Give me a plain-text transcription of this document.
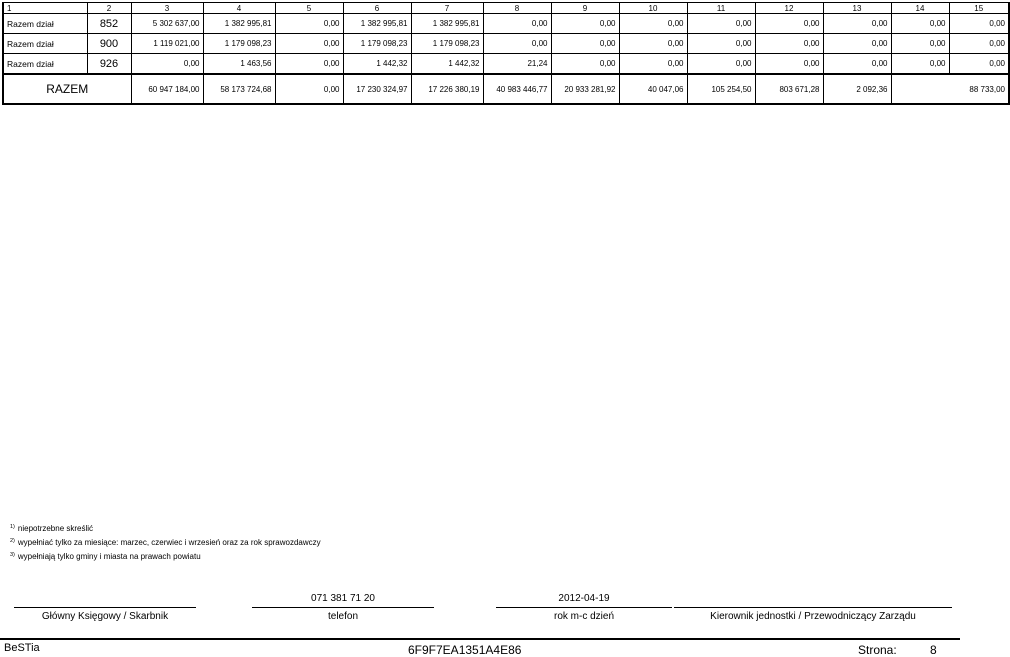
1	2	3	4	5	6	7	8	9	10	11	12	13	14	15
Razem dział	852	5 302 637,00	1 382 995,81	0,00	1 382 995,81	1 382 995,81	0,00	0,00	0,00	0,00	0,00	0,00	0,00	0,00
Razem dział	900	1 119 021,00	1 179 098,23	0,00	1 179 098,23	1 179 098,23	0,00	0,00	0,00	0,00	0,00	0,00	0,00	0,00
Razem dział	926	0,00	1 463,56	0,00	1 442,32	1 442,32	21,24	0,00	0,00	0,00	0,00	0,00	0,00	0,00
RAZEM		60 947 184,00	58 173 724,68	0,00	17 230 324,97	17 226 380,19	40 983 446,77	20 933 281,92	40 047,06	105 254,50	803 671,28	2 092,36	88 733,00	
$^{1)}$ niepotrzebne skreślić
$^{2)}$ wypełniać tylko za miesiące: marzec, czerwiec i wrzesień oraz za rok sprawozdawczy
$^{3)}$ wypełniają tylko gminy i miasta na prawach powiatu
Główny Księgowy / Skarbnik
071 381 71 20
telefon
2012-04-19
rok m-c dzień	Kierownik jednostki / Przewodniczący Zarządu
BeSTia	6F9F7EA1351A4E86	Strona:	8
